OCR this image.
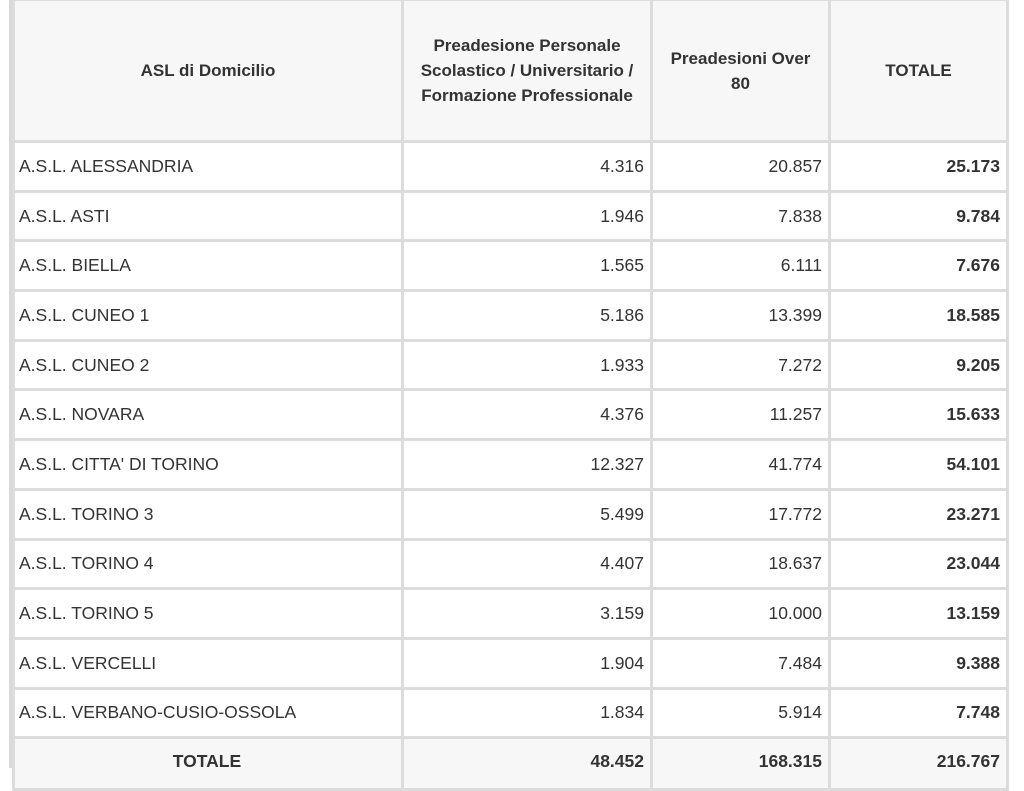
ASL di Domicilio	Preadesione Personale Scolastico / Universitario / Formazione Professionale	Preadesioni Over 80	TOTALE
A.S.L. ALESSANDRIA	4.316	20.857	25.173
A.S.L. ASTI	1.946	7.838	9.784
A.S.L. BIELLA	1.565	6.111	7.676
A.S.L. CUNEO 1	5.186	13.399	18.585
A.S.L. CUNEO 2	1.933	7.272	9.205
A.S.L. NOVARA	4.376	11.257	15.633
A.S.L. CITTA' DI TORINO	12.327	41.774	54.101
A.S.L. TORINO 3	5.499	17.772	23.271
A.S.L. TORINO 4	4.407	18.637	23.044
A.S.L. TORINO 5	3.159	10.000	13.159
A.S.L. VERCELLI	1.904	7.484	9.388
A.S.L. VERBANO-CUSIO-OSSOLA	1.834	5.914	7.748
TOTALE	48.452	168.315	216.767
